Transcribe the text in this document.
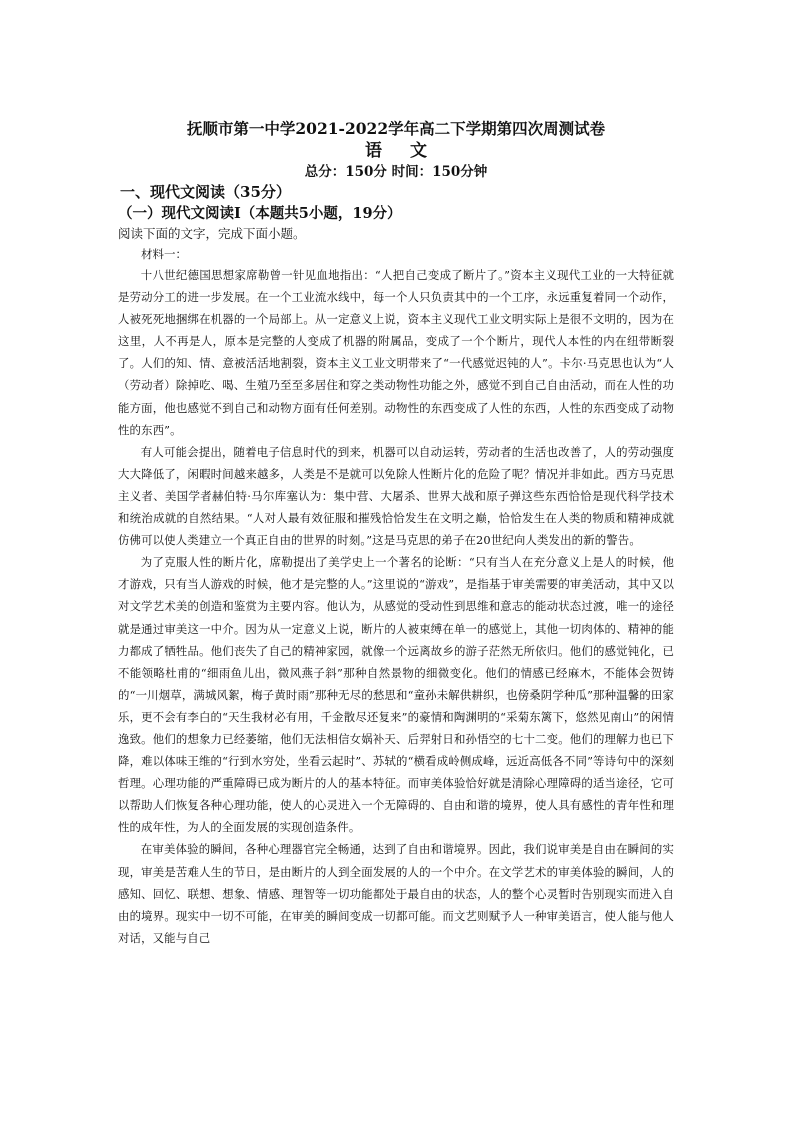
抚顺市第一中学2021-2022学年高二下学期第四次周测试卷

语 文

总分：150分 时间：150分钟

一、现代文阅读（35分）

（一）现代文阅读Ⅰ（本题共5小题，19分）

阅读下面的文字，完成下面小题。

材料一：

十八世纪德国思想家席勒曾一针见血地指出：“人把自己变成了断片了。”资本主义现代工业的一大特征就是劳动分工的进一步发展。在一个工业流水线中，每一个人只负责其中的一个工序，永远重复着同一个动作，人被死死地捆绑在机器的一个局部上。从一定意义上说，资本主义现代工业文明实际上是很不文明的，因为在这里，人不再是人，原本是完整的人变成了机器的附属品，变成了一个个断片，现代人本性的内在纽带断裂了。人们的知、情、意被活活地割裂，资本主义工业文明带来了“一代感觉迟钝的人”。卡尔·马克思也认为“人（劳动者）除掉吃、喝、生殖乃至至多居住和穿之类动物性功能之外，感觉不到自己自由活动，而在人性的功能方面，他也感觉不到自己和动物方面有任何差别。动物性的东西变成了人性的东西，人性的东西变成了动物性的东西”。

有人可能会提出，随着电子信息时代的到来，机器可以自动运转，劳动者的生活也改善了，人的劳动强度大大降低了，闲暇时间越来越多，人类是不是就可以免除人性断片化的危险了呢？情况并非如此。西方马克思主义者、美国学者赫伯特·马尔库塞认为：集中营、大屠杀、世界大战和原子弹这些东西恰恰是现代科学技术和统治成就的自然结果。“人对人最有效征服和摧残恰恰发生在文明之巅，恰恰发生在人类的物质和精神成就仿佛可以使人类建立一个真正自由的世界的时刻。”这是马克思的弟子在20世纪向人类发出的新的警告。

为了克服人性的断片化，席勒提出了美学史上一个著名的论断：“只有当人在充分意义上是人的时候，他才游戏，只有当人游戏的时候，他才是完整的人。”这里说的“游戏”，是指基于审美需要的审美活动，其中又以对文学艺术美的创造和鉴赏为主要内容。他认为，从感觉的受动性到思维和意志的能动状态过渡，唯一的途径就是通过审美这一中介。因为从一定意义上说，断片的人被束缚在单一的感觉上，其他一切肉体的、精神的能力都成了牺牲品。他们丧失了自己的精神家园，就像一个远离故乡的游子茫然无所依归。他们的感觉钝化，已不能领略杜甫的“细雨鱼儿出，微风燕子斜”那种自然景物的细微变化。他们的情感已经麻木，不能体会贺铸的“一川烟草，满城风絮，梅子黄时雨”那种无尽的愁思和“童孙未解供耕织，也傍桑阴学种瓜”那种温馨的田家乐，更不会有李白的“天生我材必有用，千金散尽还复来”的豪情和陶渊明的“采菊东篱下，悠然见南山”的闲情逸致。他们的想象力已经萎缩，他们无法相信女娲补天、后羿射日和孙悟空的七十二变。他们的理解力也已下降，难以体味王维的“行到水穷处，坐看云起时”、苏轼的“横看成岭侧成峰，远近高低各不同”等诗句中的深刻哲理。心理功能的严重障碍已成为断片的人的基本特征。而审美体验恰好就是清除心理障碍的适当途径，它可以帮助人们恢复各种心理功能，使人的心灵进入一个无障碍的、自由和谐的境界，使人具有感性的青年性和理性的成年性，为人的全面发展的实现创造条件。

在审美体验的瞬间，各种心理器官完全畅通，达到了自由和谐境界。因此，我们说审美是自由在瞬间的实现，审美是苦难人生的节日，是由断片的人到全面发展的人的一个中介。在文学艺术的审美体验的瞬间，人的感知、回忆、联想、想象、情感、理智等一切功能都处于最自由的状态，人的整个心灵暂时告别现实而进入自由的境界。现实中一切不可能，在审美的瞬间变成一切都可能。而文艺则赋予人一种审美语言，使人能与他人对话，又能与自己
